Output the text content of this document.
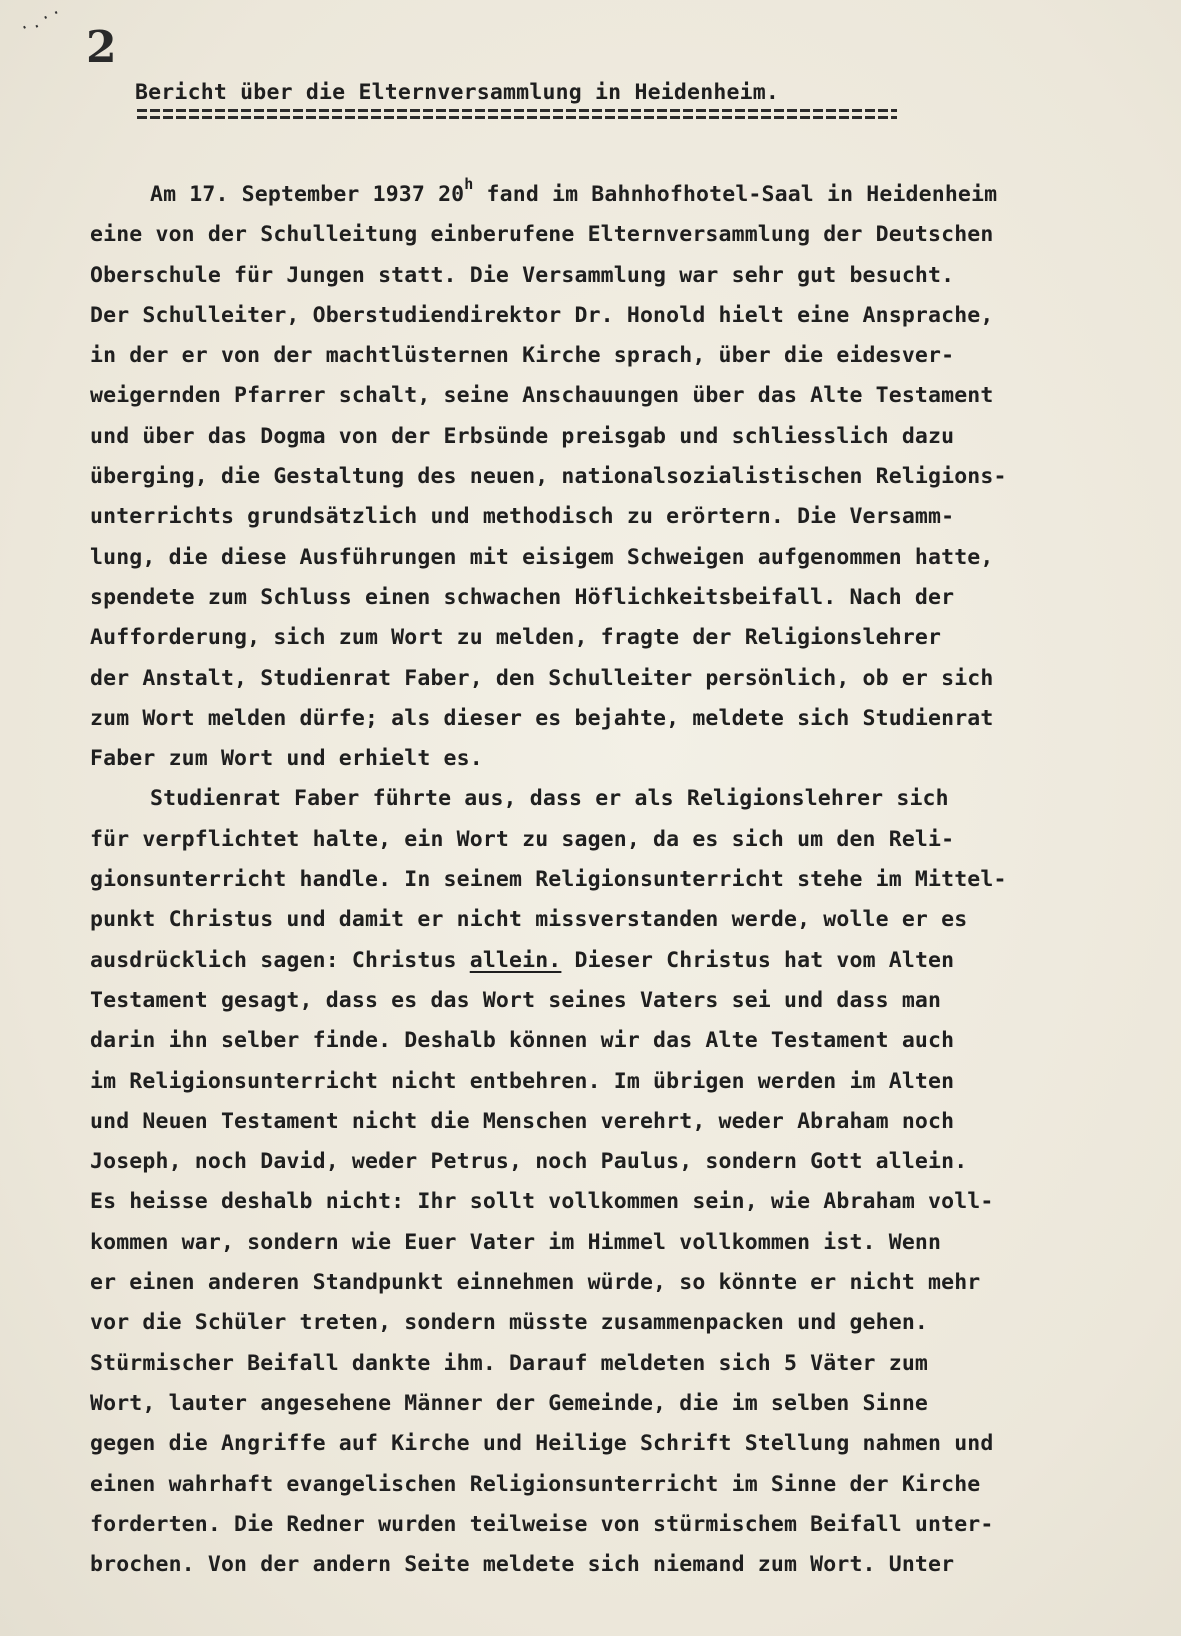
·.··
2
Bericht über die Elternversammlung in Heidenheim.
Am 17. September 1937 20$^h$ fand im Bahnhofhotel-Saal in Heidenheim
eine von der Schulleitung einberufene Elternversammlung der Deutschen
Oberschule für Jungen statt. Die Versammlung war sehr gut besucht.
Der Schulleiter, Oberstudiendirektor Dr. Honold hielt eine Ansprache,
in der er von der machtlüsternen Kirche sprach, über die eidesver-
weigernden Pfarrer schalt, seine Anschauungen über das Alte Testament
und über das Dogma von der Erbsünde preisgab und schliesslich dazu
überging, die Gestaltung des neuen, nationalsozialistischen Religions-
unterrichts grundsätzlich und methodisch zu erörtern. Die Versamm-
lung, die diese Ausführungen mit eisigem Schweigen aufgenommen hatte,
spendete zum Schluss einen schwachen Höflichkeitsbeifall. Nach der
Aufforderung, sich zum Wort zu melden, fragte der Religionslehrer
der Anstalt, Studienrat Faber, den Schulleiter persönlich, ob er sich
zum Wort melden dürfe; als dieser es bejahte, meldete sich Studienrat
Faber zum Wort und erhielt es.
Studienrat Faber führte aus, dass er als Religionslehrer sich
für verpflichtet halte, ein Wort zu sagen, da es sich um den Reli-
gionsunterricht handle. In seinem Religionsunterricht stehe im Mittel-
punkt Christus und damit er nicht missverstanden werde, wolle er es
ausdrücklich sagen: Christus allein. Dieser Christus hat vom Alten
Testament gesagt, dass es das Wort seines Vaters sei und dass man
darin ihn selber finde. Deshalb können wir das Alte Testament auch
im Religionsunterricht nicht entbehren. Im übrigen werden im Alten
und Neuen Testament nicht die Menschen verehrt, weder Abraham noch
Joseph, noch David, weder Petrus, noch Paulus, sondern Gott allein.
Es heisse deshalb nicht: Ihr sollt vollkommen sein, wie Abraham voll-
kommen war, sondern wie Euer Vater im Himmel vollkommen ist. Wenn
er einen anderen Standpunkt einnehmen würde, so könnte er nicht mehr
vor die Schüler treten, sondern müsste zusammenpacken und gehen.
Stürmischer Beifall dankte ihm. Darauf meldeten sich 5 Väter zum
Wort, lauter angesehene Männer der Gemeinde, die im selben Sinne
gegen die Angriffe auf Kirche und Heilige Schrift Stellung nahmen und
einen wahrhaft evangelischen Religionsunterricht im Sinne der Kirche
forderten. Die Redner wurden teilweise von stürmischem Beifall unter-
brochen. Von der andern Seite meldete sich niemand zum Wort. Unter
